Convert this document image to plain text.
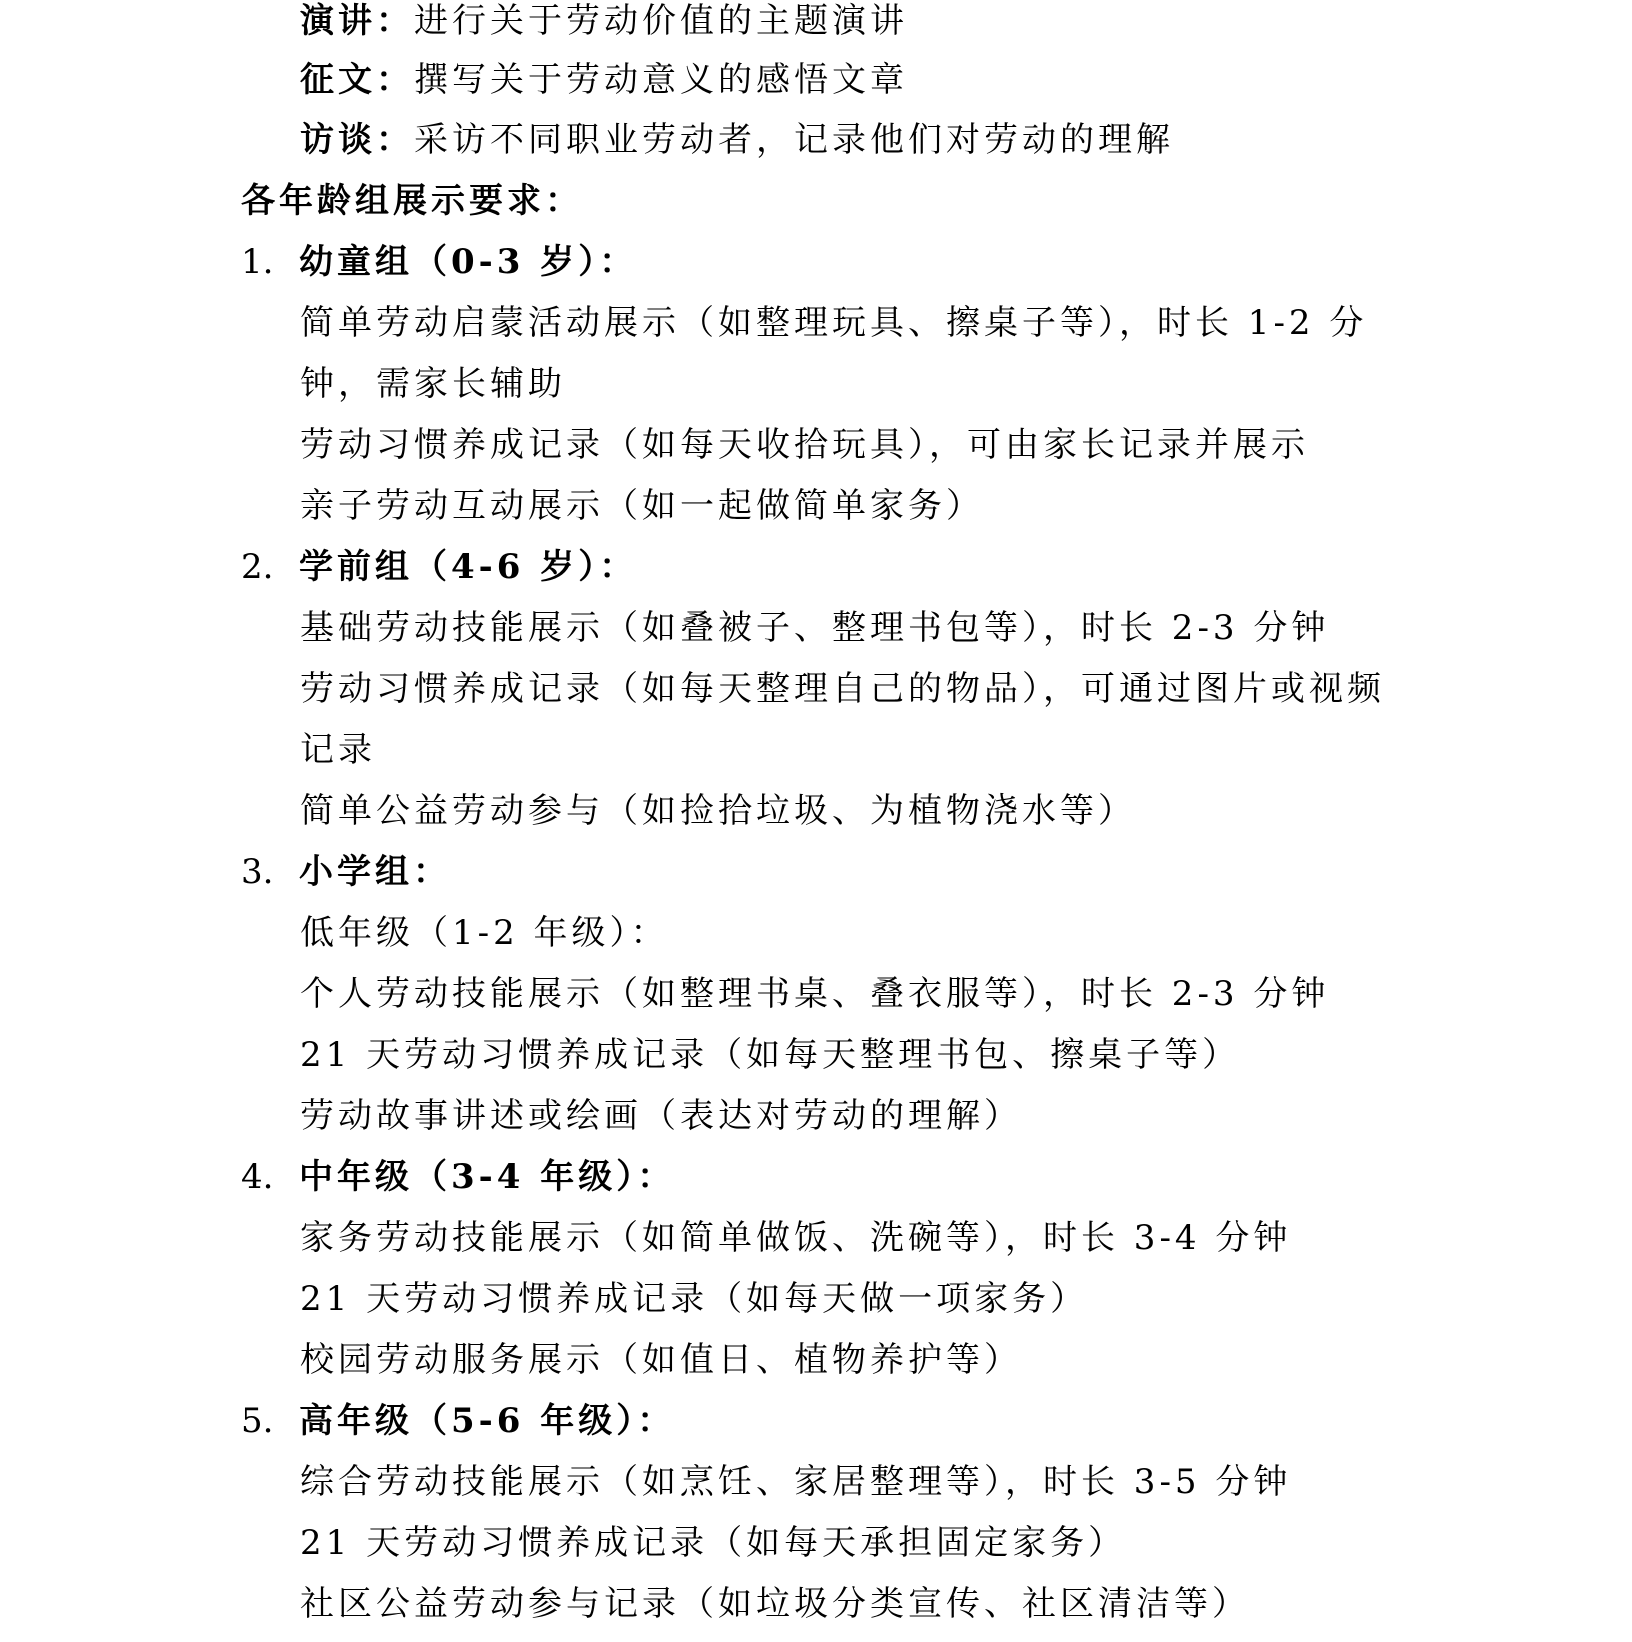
演讲：进行关于劳动价值的主题演讲
征文：撰写关于劳动意义的感悟文章
访谈：采访不同职业劳动者，记录他们对劳动的理解
各年龄组展示要求：
1. 幼童组（0-3 岁）：
简单劳动启蒙活动展示（如整理玩具、擦桌子等），时长 1-2 分
钟，需家长辅助
劳动习惯养成记录（如每天收拾玩具），可由家长记录并展示
亲子劳动互动展示（如一起做简单家务）
2. 学前组（4-6 岁）：
基础劳动技能展示（如叠被子、整理书包等），时长 2-3 分钟
劳动习惯养成记录（如每天整理自己的物品），可通过图片或视频
记录
简单公益劳动参与（如捡拾垃圾、为植物浇水等）
3. 小学组：
低年级（1-2 年级）：
个人劳动技能展示（如整理书桌、叠衣服等），时长 2-3 分钟
21 天劳动习惯养成记录（如每天整理书包、擦桌子等）
劳动故事讲述或绘画（表达对劳动的理解）
4. 中年级（3-4 年级）：
家务劳动技能展示（如简单做饭、洗碗等），时长 3-4 分钟
21 天劳动习惯养成记录（如每天做一项家务）
校园劳动服务展示（如值日、植物养护等）
5. 高年级（5-6 年级）：
综合劳动技能展示（如烹饪、家居整理等），时长 3-5 分钟
21 天劳动习惯养成记录（如每天承担固定家务）
社区公益劳动参与记录（如垃圾分类宣传、社区清洁等）
